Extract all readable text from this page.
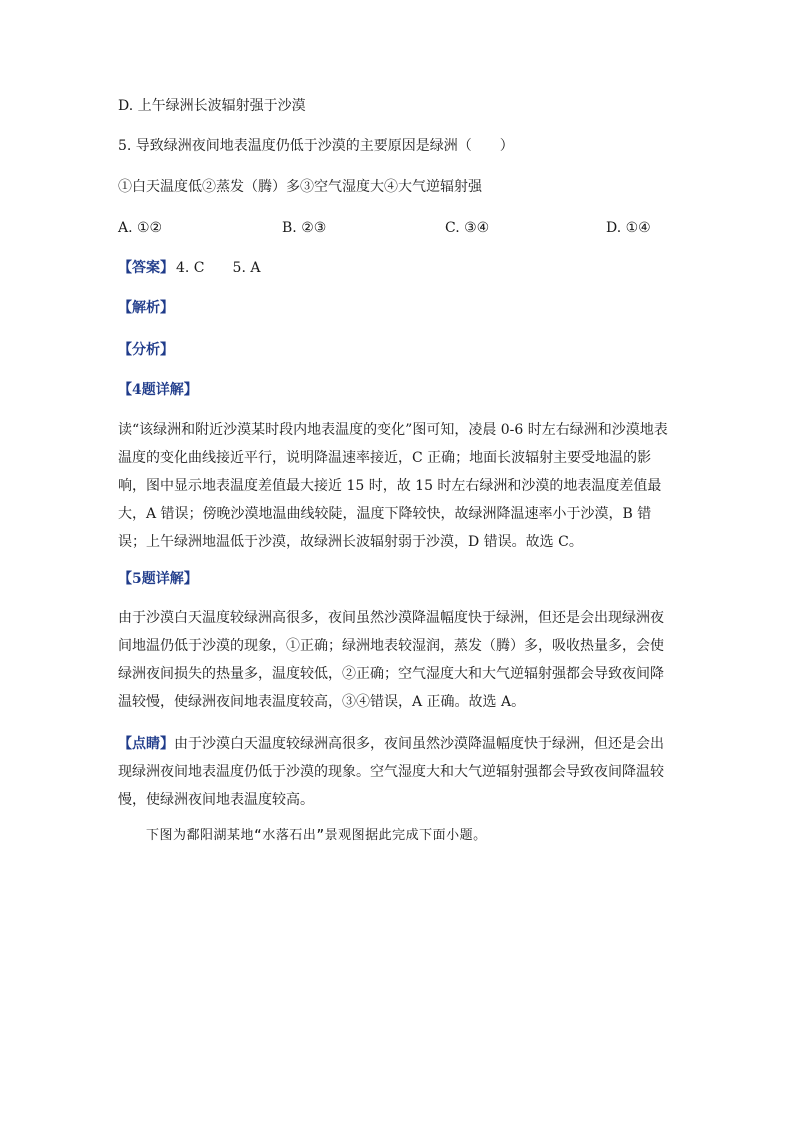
D. 上午绿洲长波辐射强于沙漠
5. 导致绿洲夜间地表温度仍低于沙漠的主要原因是绿洲（　　）
①白天温度低②蒸发（腾）多③空气湿度大④大气逆辐射强
A. ①②	B. ②③	C. ③④	D. ①④
【答案】 4. C 5. A
【解析】
【分析】
【4题详解】
读“该绿洲和附近沙漠某时段内地表温度的变化”图可知，凌晨 0-6 时左右绿洲和沙漠地表
温度的变化曲线接近平行，说明降温速率接近，C 正确；地面长波辐射主要受地温的影
响，图中显示地表温度差值最大接近 15 时，故 15 时左右绿洲和沙漠的地表温度差值最
大，A 错误；傍晚沙漠地温曲线较陡，温度下降较快，故绿洲降温速率小于沙漠，B 错
误；上午绿洲地温低于沙漠，故绿洲长波辐射弱于沙漠，D 错误。故选 C。
【5题详解】
由于沙漠白天温度较绿洲高很多，夜间虽然沙漠降温幅度快于绿洲，但还是会出现绿洲夜
间地温仍低于沙漠的现象，①正确；绿洲地表较湿润，蒸发（腾）多，吸收热量多，会使
绿洲夜间损失的热量多，温度较低，②正确；空气湿度大和大气逆辐射强都会导致夜间降
温较慢，使绿洲夜间地表温度较高，③④错误，A 正确。故选 A。
【点睛】由于沙漠白天温度较绿洲高很多，夜间虽然沙漠降温幅度快于绿洲，但还是会出
现绿洲夜间地表温度仍低于沙漠的现象。空气湿度大和大气逆辐射强都会导致夜间降温较
慢，使绿洲夜间地表温度较高。
下图为鄱阳湖某地“水落石出”景观图据此完成下面小题。
